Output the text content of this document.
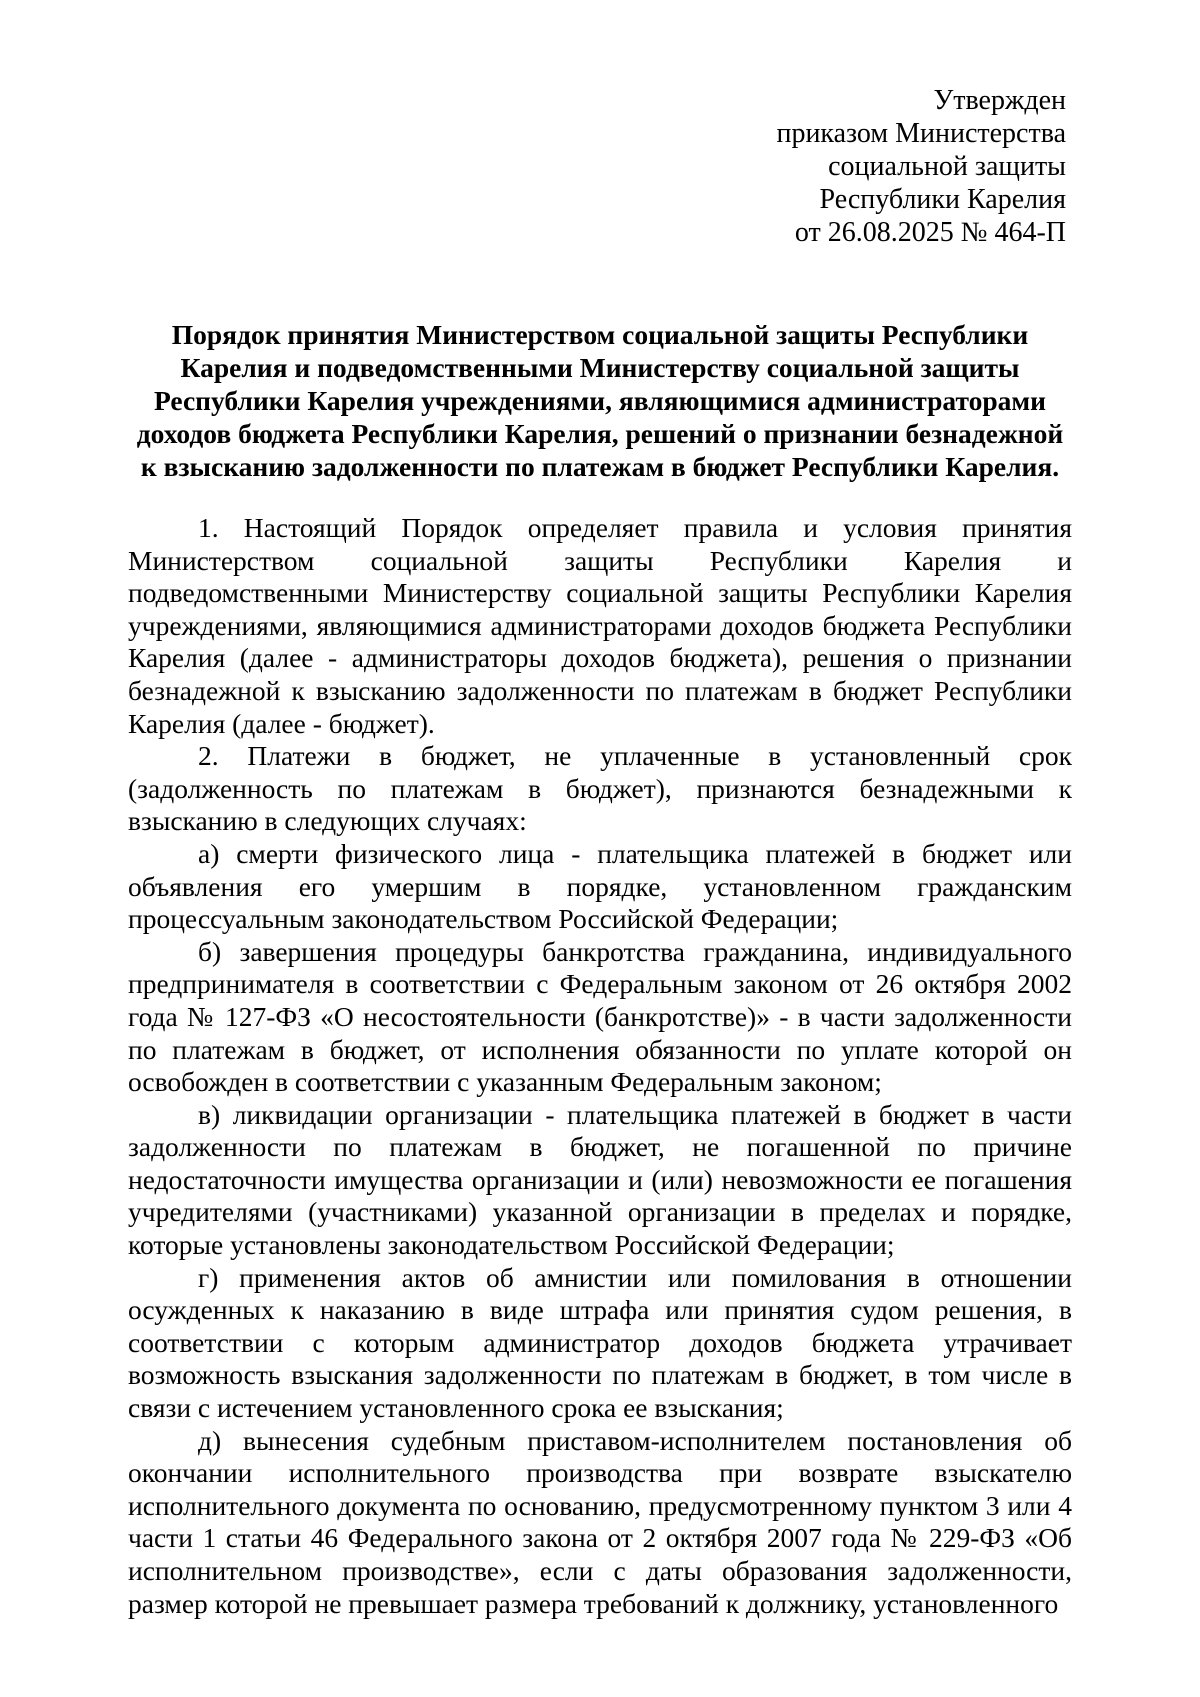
Утвержден
приказом Министерства
социальной защиты
Республики Карелия
от 26.08.2025 № 464-П
Порядок принятия Министерством социальной защиты Республики Карелия и подведомственными Министерству социальной защиты Республики Карелия учреждениями, являющимися администраторами доходов бюджета Республики Карелия, решений о признании безнадежной к взысканию задолженности по платежам в бюджет Республики Карелия.

1. Настоящий Порядок определяет правила и условия принятия Министерством социальной защиты Республики Карелия и подведомственными Министерству социальной защиты Республики Карелия учреждениями, являющимися администраторами доходов бюджета Республики Карелия (далее - администраторы доходов бюджета), решения о признании безнадежной к взысканию задолженности по платежам в бюджет Республики Карелия (далее - бюджет).

2. Платежи в бюджет, не уплаченные в установленный срок (задолженность по платежам в бюджет), признаются безнадежными к взысканию в следующих случаях:

а) смерти физического лица - плательщика платежей в бюджет или объявления его умершим в порядке, установленном гражданским процессуальным законодательством Российской Федерации;

б) завершения процедуры банкротства гражданина, индивидуального предпринимателя в соответствии с Федеральным законом от 26 октября 2002 года № 127-ФЗ «О несостоятельности (банкротстве)» - в части задолженности по платежам в бюджет, от исполнения обязанности по уплате которой он освобожден в соответствии с указанным Федеральным законом;

в) ликвидации организации - плательщика платежей в бюджет в части задолженности по платежам в бюджет, не погашенной по причине недостаточности имущества организации и (или) невозможности ее погашения учредителями (участниками) указанной организации в пределах и порядке, которые установлены законодательством Российской Федерации;

г) применения актов об амнистии или помилования в отношении осужденных к наказанию в виде штрафа или принятия судом решения, в соответствии с которым администратор доходов бюджета утрачивает возможность взыскания задолженности по платежам в бюджет, в том числе в связи с истечением установленного срока ее взыскания;

д) вынесения судебным приставом-исполнителем постановления об окончании исполнительного производства при возврате взыскателю исполнительного документа по основанию, предусмотренному пунктом 3 или 4 части 1 статьи 46 Федерального закона от 2 октября 2007 года № 229-ФЗ «Об исполнительном производстве», если с даты образования задолженности, размер которой не превышает размера требований к должнику, установленного
